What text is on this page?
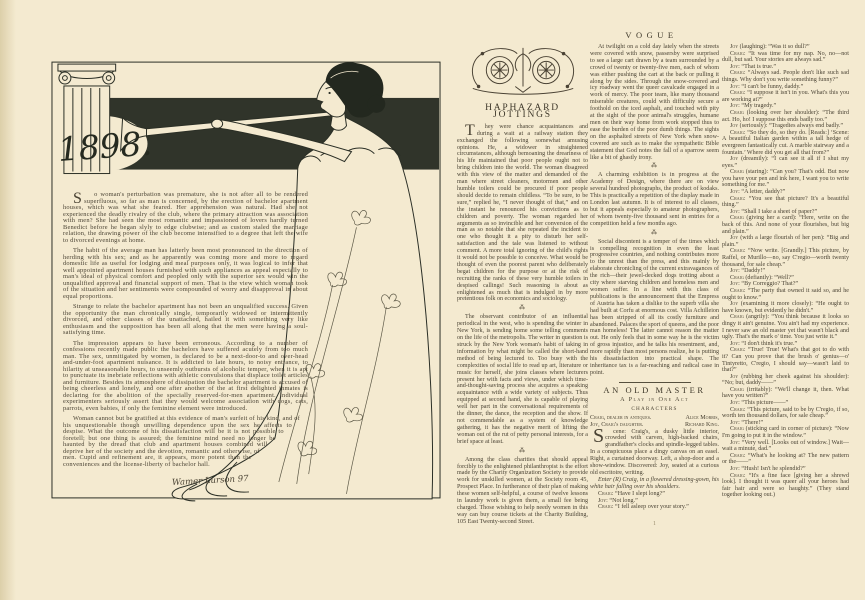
1898.

So woman's perturbation was premature, she is not after all to be rendered superfluous, so far as man is concerned, by the erection of bachelor apartment houses, which was what she feared. Her apprehension was natural. Had she not experienced the deadly rivalry of the club, where the primary attraction was association with men? She had seen the most romantic and impassioned of lovers hardly turned Benedict before he began slyly to edge clubwise; and as custom staled the marriage relation, the drawing power of the club become intensified to a degree that left the wife to divorced evenings at home.

The habit of the average man has latterly been most pronounced in the direction of herding with his sex; and as he apparently was coming more and more to regard domestic life as useful for lodging and meal purposes only, it was logical to infer that well appointed apartment houses furnished with such appliances as appeal especially to man's ideal of physical comfort and peopled only with the superior sex would win the unqualified approval and financial support of men. That is the view which woman took of the situation and her sentiments were compounded of worry and disapproval in about equal proportions.

Strange to relate the bachelor apartment has not been an unqualified success. Given the opportunity the man chronically single, temporarily widowed or intermittently divorced, and other classes of the unattached, hailed it with something very like enthusiasm and the supposition has been all along that the men were having a soul-satisfying time.

The impression appears to have been erroneous. According to a number of confessions recently made public the bachelors have suffered acutely from too much man. The sex, unmitigated by women, is declared to be a next-door-to and over-head and-under-foot apartment nuisance. It is addicted to late hours, to noisy entrance, to hilarity at unseasonable hours, to unseemly outbursts of alcoholic temper, when it is apt to punctuate its inebriate reflections with athletic convulsions that displace toilet articles and furniture. Besides its atmosphere of dissipation the bachelor apartment is accused of being cheerless and lonely, and one after another of the at first delighted inmates is declaring for the abolition of the specially reserved-for-men apartment. Individual experimenters seriously assert that they would welcome association with dogs, cats, parrots, even babies, if only the feminine element were introduced.

Woman cannot but be gratified at this evidence of man's surfeit of his kind, and of his unquestionable though unwilling dependence upon the sex he affects to despise. What the outcome of his dissatisfaction will be it is not possible to foretell; but one thing is assured; the feminine mind need no longer be haunted by the dread that club and apartment houses combined will deprive her of the society and the devotion, romantic and otherwise, of men. Cupid and refinement are, it appears, more potent than the conveniences and the license-liberty of bachelor hall.

Wamer Lurson 97
VOGUE
HAPHAZARD JOTTINGS

They were chance acquaintances and during a wait at a railway station they exchanged the following somewhat amusing opinions. He, a widower in straightened circumstances, although bemoaning the dreariness of his life maintained that poor people ought not to bring children into the world. The woman disagreed with this view of the matter and demanded of the man where street cleaners, motormen and other humble toilers could be procured if poor people should decide to remain childless. “To be sure, to be sure,” replied he, “I never thought of that,” and on the instant he renounced his convictions as to children and poverty. The woman regarded her arguments as so invincible and her conversion of the man as so notable that she repeated the incident to one who thought it a pity to disturb her self-satisfaction and the tale was listened to without comment. A more total ignoring of the child's rights it would not be possible to conceive. What would be thought of even the poorest parent who deliberately begat children for the purpose or at the risk of recruiting the ranks of these very humble toilers in despised callings! Such reasoning is about as enlightened as much that is indulged in by more pretentious folk on economics and sociology.

⁂

The observant contributor of an influential periodical in the west, who is spending the winter in New York, is sending home some telling comments on the life of the metropolis. The writer in question is struck by the New York woman's habit of taking in information by what might be called the short-hand method of being lectured to. Too busy with the complexities of social life to read up art, literature or music for herself, she joins classes where lecturers present her with facts and views, under which time-and-thought-saving process she acquires a speaking acquaintance with a wide variety of subjects. Thus equipped at second hand, she is capable of playing well her part in the conversational requirements of the dinner, the dance, the reception and the show. If not commendable as a system of knowledge gathering, it has the negative merit of lifting the woman out of the rut of petty personal interests, for a brief space at least.

⁂

Among the class charities that should appeal forcibly to the enlightened philanthropist is the effort made by the Charity Organization Society to provide work for unskilled women, at the Society room 45, Prospect Place. In furtherance of their plan of making these women self-helpful, a course of twelve lessons in laundry work is given them, a small fee being charged. Those wishing to help needy women in this way can buy course tickets at the Charity Building, 105 East Twenty-second Street.

At twilight on a cold day lately when the streets were covered with snow, passersby were surprised to see a large cart drawn by a team surrounded by a crowd of twenty or twenty-five men, each of whom was either pushing the cart at the back or pulling it along by the sides. Through the snow-covered and icy roadway went the queer cavalcade engaged in a work of mercy. The poor team, like many thousand miserable creatures, could with difficulty secure a foothold on the iced asphalt, and touched with pity at the sight of the poor animal's struggles, humane men on their way home from work stopped thus to ease the burden of the poor dumb things. The sights on the asphalted streets of New York when snow-covered are such as to make the sympathetic Bible statement that God notes the fall of a sparrow seem like a bit of ghastly irony.

⁂

A charming exhibition is in progress at the Academy of Design, where there are on view several hundred photographs, the product of kodaks. This is practically a repetition of the display made in London last autumn. It is of interest to all classes, but it appeals especially to amateur photographers, of whom twenty-five thousand sent in entries for a competition held a few months ago.

⁂

Social discontent is a temper of the times which is compelling recognition in even the least progressive countries, and nothing contributes more to the unrest than the press, and this mainly by elaborate chronicling of the current extravagances of the rich—their jewel-decked dogs trotting about a city where starving children and homeless men and women suffer. In a line with this class of publications is the announcement that the Empress of Austria has taken a dislike to the superb villa she had built at Corfu at enormous cost. Villa Achilleion has been stripped of all its costly furniture and abandoned. Palaces the sport of queens, and the poor man homeless! The latter cannot reason the matter out. He only feels that in some way he is the victim of gross injustice, and he talks his resentment, and, more rapidly than most persons realize, he is putting his dissatisfaction into practical shape. The inheritance tax is a far-reaching and radical case in point.

AN OLD MASTER
A Play in One Act
CHARACTERS
Craig, dealer in antiques.	Alice Morris,
Joy, Craig's daughter.	Richard King.

Scene: Craig's, a dusky little interior, crowded with carven, high-backed chairs, grandfather's clocks and spindle-legged tables. In a conspicuous place a dingy canvas on an easel. Right, a curtained doorway. Left, a shop-door and a show-window. Discovered: Joy, seated at a curious old escritoire, writing.

Enter (R) Craig, in a flowered dressing-gown, his white hair falling over his shoulders.

Craig: “Have I slept long?”

Joy: “Not long.”

Craig: “I fell asleep over your story.”

Joy (laughing): “Was it so dull?”

Craig: “It was time for my nap. No, no—not dull, but sad. Your stories are always sad.”

Joy: “That is true.”

Craig: “Always sad. People don't like such sad things. Why don't you write something funny?”

Joy: “I can't be funny, daddy.”

Craig: “I suppose it isn't in you. What's this you are working at?”

Joy: “My tragedy.”

Craig (looking over her shoulder): “The third act. Ho, ho! I suppose this ends badly too.”

Joy (seriously): “Tragedies always end badly.”

Craig: “So they do, so they do. [Reads:] ‘Scene: A beautiful Italian garden within a tall hedge of evergreen fantastically cut. A marble stairway and a fountain.’ Where did you get all that from?”

Joy (dreamily): “I can see it all if I shut my eyes.”

Craig (staring): “Can you? That's odd. But now you have your pen and ink here, I want you to write something for me.”

Joy: “A letter, daddy?”

Craig: “You see that picture? It's a beautiful thing.”

Joy: “Shall I take a sheet of paper?”

Craig (giving her a card): “Here, write on the back of this. And none of your flourishes, but big and plain.”

Joy (with a large flourish of her pen): “Big and plain.”

Craig: “Now write. [Grandly.] This picture, by Raffel, or Murillo—no, say C'regio—worth twenty thousand, for sale cheap.”

Joy: “Daddy!”

Craig (defiantly): “Well?”

Joy: “By Correggio? That?”

Craig: “The party that owned it said so, and he ought to know.”

Joy (examining it more closely): “He ought to have known, but evidently he didn't.”

Craig (angrily): “You think because it looks so dingy it ain't genuine. You ain't had my experience. I never saw an old master yet that wasn't black and ugly. That's the mark o' time. You just write it.”

Joy: “I don't think it's true.”

Craig: “True! True! What's that got to do with it? Can you prove that the brush o' genius—o' Tintyretto, C'regio, I should say—wasn't laid to that?”

Joy (rubbing her cheek against his shoulder): “No; but, daddy——”

Craig (irritably): “We'll change it, then. What have you written?”

Joy: “This picture——”

Craig: “This picture, said to be by C'regio, if so, worth ten thousand dollars, for sale cheap.”

Joy: “There!”

Craig (sticking card in corner of picture): “Now I'm going to put it in the window.”

Joy: “Very well. [Looks out of window.] Wait—wait a minute, dad.”

Craig: “What's he looking at? The new pattern or the——”

Joy: “Hush! Isn't he splendid?”

Craig: “It's a fine face [giving her a shrewd look]. I thought it was queer all your heroes had fair hair and were so haughty.” (They stand together looking out.)

1
